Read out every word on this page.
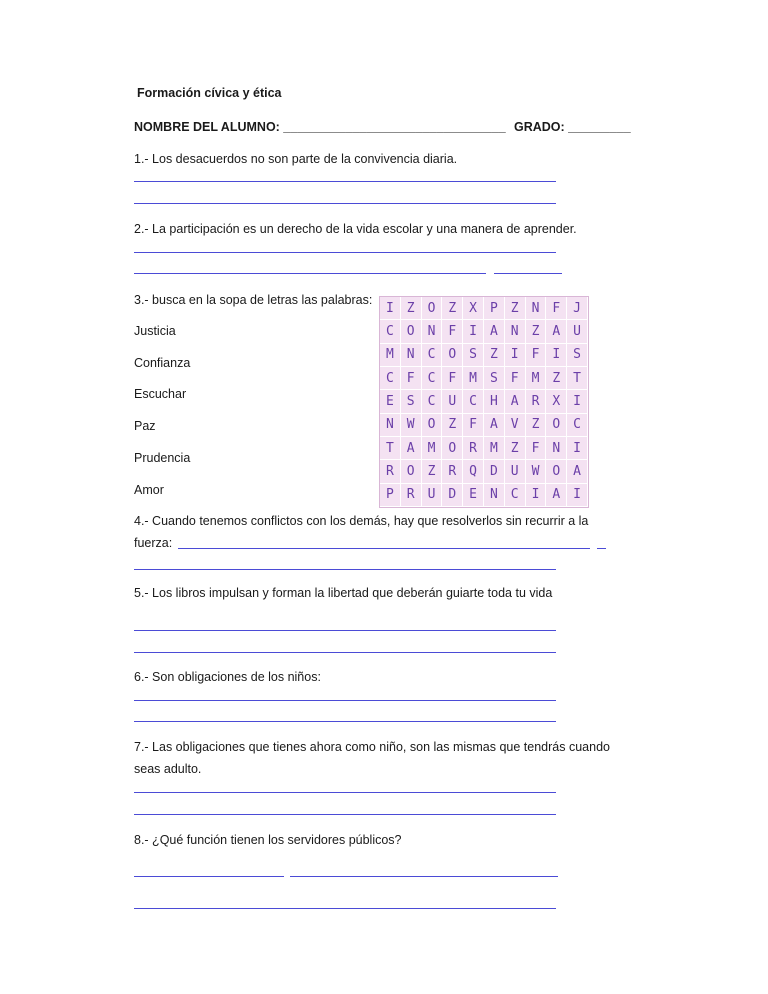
Formación cívica y ética
NOMBRE DEL ALUMNO: ________________________________ GRADO: _________
1.- Los desacuerdos no son parte de la convivencia diaria.
2.- La participación es un derecho de la vida escolar y una manera de aprender.
3.- busca en la sopa de letras las palabras:
Justicia
Confianza
Escuchar
Paz
Prudencia
Amor
I Z O Z X P Z N F J
C O N F I A N Z A U
M N C O S Z I F I S
C F C F M S F M Z T
E S C U C H A R X I
N W O Z F A V Z O C
T A M O R M Z F N I
R O Z R Q D U W O A
P R U D E N C I A I
4.- Cuando tenemos conflictos con los demás, hay que resolverlos sin recurrir a la
fuerza:
5.- Los libros impulsan y forman la libertad que deberán guiarte toda tu vida
6.- Son obligaciones de los niños:
7.- Las obligaciones que tienes ahora como niño, son las mismas que tendrás cuando
seas adulto.
8.- ¿Qué función tienen los servidores públicos?
